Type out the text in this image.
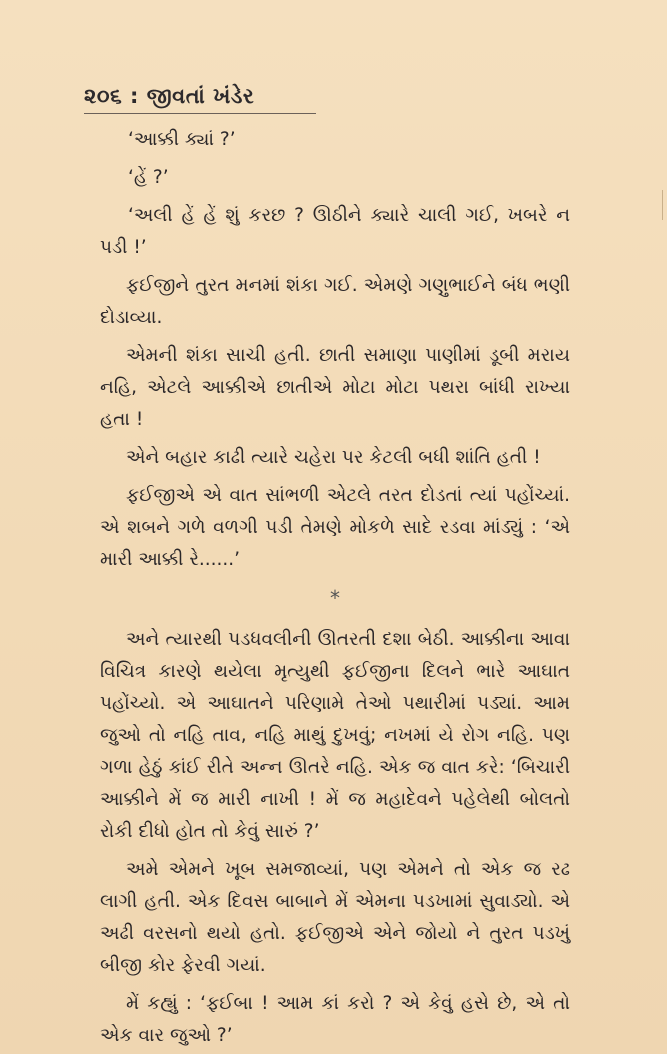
૨૦૬ : જીવતાં ખંડેર

‘આક્કી ક્યાં ?’

‘હેં ?’

‘અલી હેં હેં શું કરછ ? ઊઠીને ક્યારે ચાલી ગઈ, ખબરે ન પડી !’

ફઈજીને તુરત મનમાં શંકા ગઈ. એમણે ગણુભાઈને બંધ ભણી દોડાવ્યા.

એમની શંકા સાચી હતી. છાતી સમાણા પાણીમાં ડૂબી મરાય નહિ, એટલે આક્કીએ છાતીએ મોટા મોટા પથરા બાંધી રાખ્યા હતા !

એને બહાર કાઢી ત્યારે ચહેરા પર કેટલી બધી શાંતિ હતી !

ફઈજીએ એ વાત સાંભળી એટલે તરત દોડતાં ત્યાં પહોંચ્યાં. એ શબને ગળે વળગી પડી તેમણે મોકળે સાદે રડવા માંડ્યું : ‘એ મારી આક્કી રે......’

*

અને ત્યારથી પડધવલીની ઊતરતી દશા બેઠી. આક્કીના આવા વિચિત્ર કારણે થયેલા મૃત્યુથી ફઈજીના દિલને ભારે આઘાત પહોંચ્યો. એ આઘાતને પરિણામે તેઓ પથારીમાં પડ્યાં. આમ જુઓ તો નહિ તાવ, નહિ માથું દુખવું; નખમાં યે રોગ નહિ. પણ ગળા હેઠું કાંઈ રીતે અન્ન ઊતરે નહિ. એક જ વાત કરે: ‘બિચારી આક્કીને મેં જ મારી નાખી ! મેં જ મહાદેવને પહેલેથી બોલતો રોકી દીધો હોત તો કેવું સારું ?’

અમે એમને ખૂબ સમજાવ્યાં, પણ એમને તો એક જ રઢ લાગી હતી. એક દિવસ બાબાને મેં એમના પડખામાં સુવાડ્યો. એ અઢી વરસનો થયો હતો. ફઈજીએ એને જોયો ને તુરત પડખું બીજી કોર ફેરવી ગયાં.

મેં કહ્યું : ‘ફઈબા ! આમ કાં કરો ? એ કેવું હસે છે, એ તો એક વાર જુઓ ?’
